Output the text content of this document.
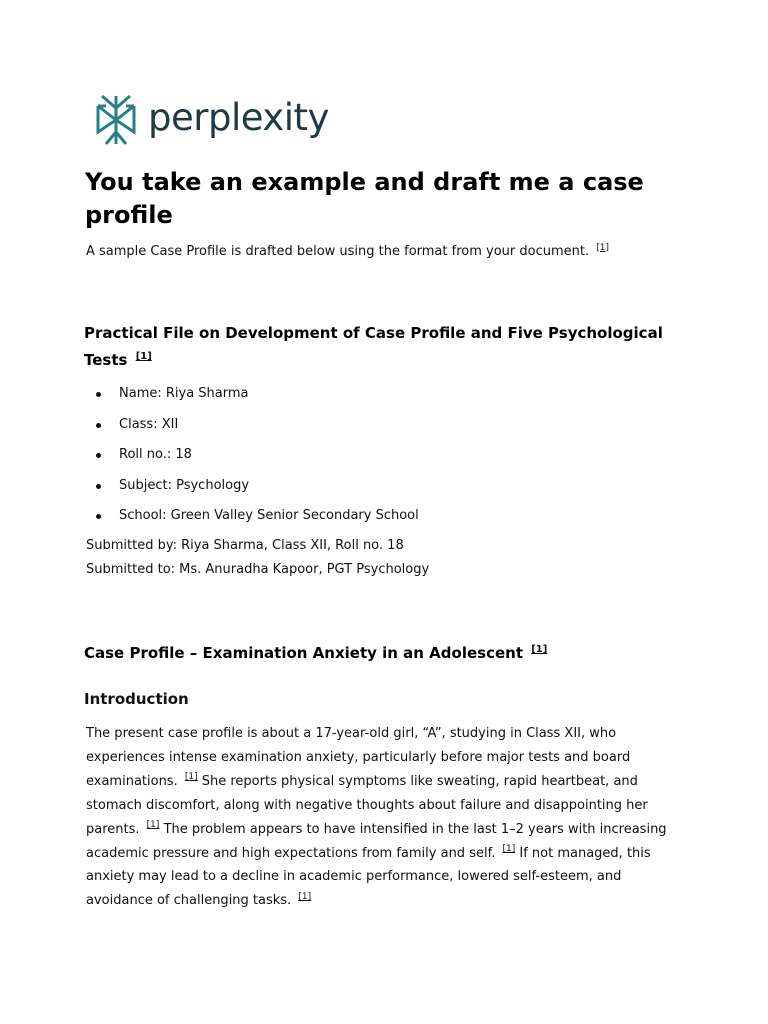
perplexity
You take an example and draft me a case profile

A sample Case Profile is drafted below using the format from your document. [1]

Practical File on Development of Case Profile and Five Psychological Tests [1]
Name: Riya Sharma
Class: XII
Roll no.: 18
Subject: Psychology
School: Green Valley Senior Secondary School

Submitted by: Riya Sharma, Class XII, Roll no. 18

Submitted to: Ms. Anuradha Kapoor, PGT Psychology

Case Profile – Examination Anxiety in an Adolescent [1]
Introduction

The present case profile is about a 17-year-old girl, “A”, studying in Class XII, who experiences intense examination anxiety, particularly before major tests and board examinations. [1] She reports physical symptoms like sweating, rapid heartbeat, and stomach discomfort, along with negative thoughts about failure and disappointing her parents. [1] The problem appears to have intensified in the last 1–2 years with increasing academic pressure and high expectations from family and self. [1] If not managed, this anxiety may lead to a decline in academic performance, lowered self-esteem, and avoidance of challenging tasks. [1]
